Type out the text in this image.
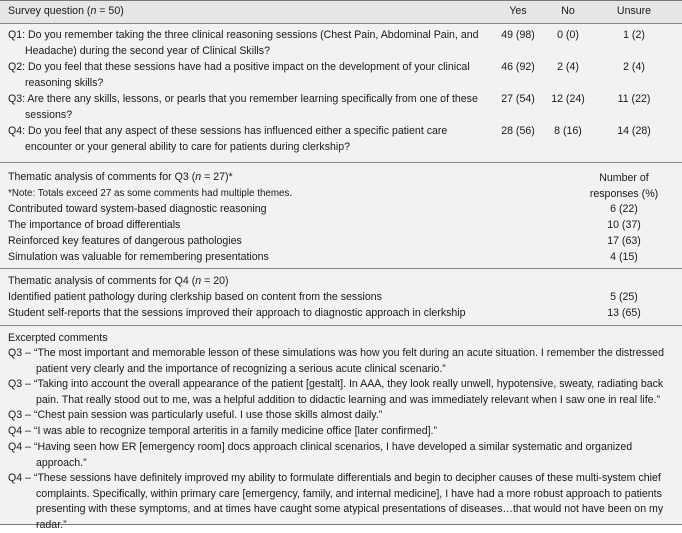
Survey question (n = 50)	Yes	No	Unsure
Q1: Do you remember taking the three clinical reasoning sessions (Chest Pain, Abdominal Pain, and Headache) during the second year of Clinical Skills?
49 (98)	0 (0)	1 (2)
Q2: Do you feel that these sessions have had a positive impact on the development of your clinical reasoning skills?
46 (92)	2 (4)	2 (4)
Q3: Are there any skills, lessons, or pearls that you remember learning specifically from one of these sessions?
27 (54)	12 (24)	11 (22)
Q4: Do you feel that any aspect of these sessions has influenced either a specific patient care encounter or your general ability to care for patients during clerkship?
28 (56)	8 (16)	14 (28)
Thematic analysis of comments for Q3 (n = 27)*	Number of
responses (%)
*Note: Totals exceed 27 as some comments had multiple themes.
Contributed toward system-based diagnostic reasoning	6 (22)
The importance of broad differentials	10 (37)
Reinforced key features of dangerous pathologies	17 (63)
Simulation was valuable for remembering presentations	4 (15)
Thematic analysis of comments for Q4 (n = 20)
Identified patient pathology during clerkship based on content from the sessions	5 (25)
Student self-reports that the sessions improved their approach to diagnostic approach in clerkship	13 (65)
Excerpted comments
Q3 – “The most important and memorable lesson of these simulations was how you felt during an acute situation. I remember the distressed patient very clearly and the importance of recognizing a serious acute clinical scenario.”
Q3 – “Taking into account the overall appearance of the patient [gestalt]. In AAA, they look really unwell, hypotensive, sweaty, radiating back pain. That really stood out to me, was a helpful addition to didactic learning and was immediately relevant when I saw one in real life.”
Q3 – “Chest pain session was particularly useful. I use those skills almost daily.”
Q4 – “I was able to recognize temporal arteritis in a family medicine office [later confirmed].”
Q4 – “Having seen how ER [emergency room] docs approach clinical scenarios, I have developed a similar systematic and organized approach.”
Q4 – “These sessions have definitely improved my ability to formulate differentials and begin to decipher causes of these multi-system chief complaints. Specifically, within primary care [emergency, family, and internal medicine], I have had a more robust approach to patients presenting with these symptoms, and at times have caught some atypical presentations of diseases…that would not have been on my radar.”
